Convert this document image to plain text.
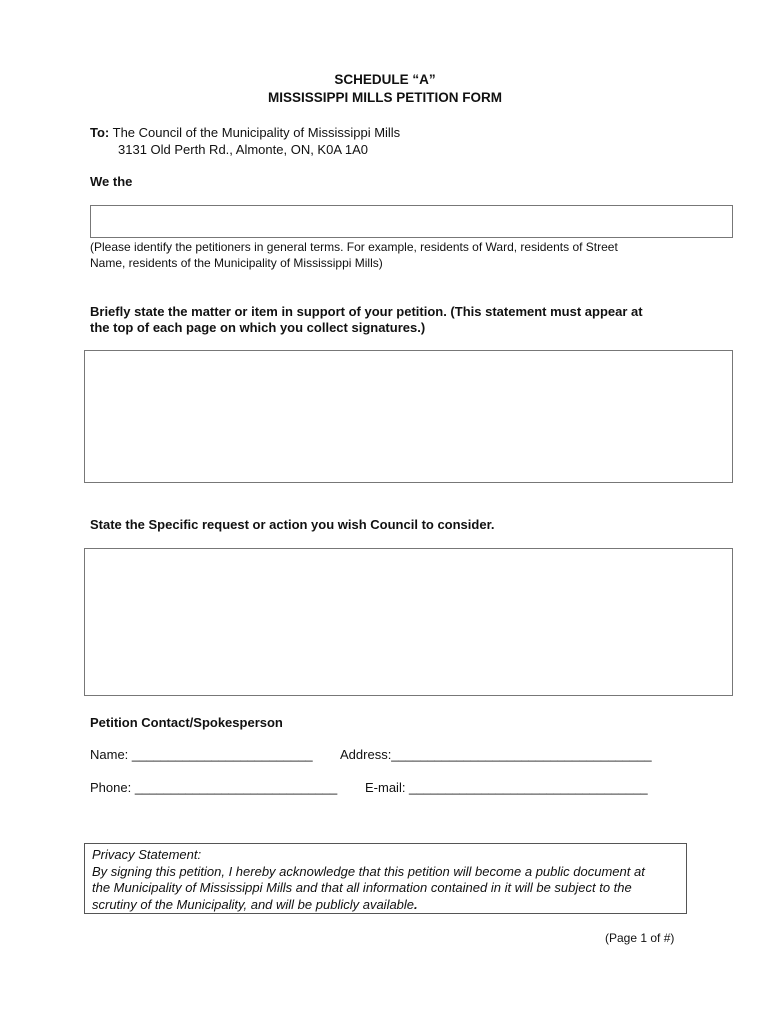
SCHEDULE “A”
MISSISSIPPI MILLS PETITION FORM
To: The Council of the Municipality of Mississippi Mills
3131 Old Perth Rd., Almonte, ON, K0A 1A0
We the
(Please identify the petitioners in general terms. For example, residents of Ward, residents of Street
Name, residents of the Municipality of Mississippi Mills)
Briefly state the matter or item in support of your petition. (This statement must appear at
the top of each page on which you collect signatures.)
State the Specific request or action you wish Council to consider.
Petition Contact/Spokesperson
Name: _________________________ Address:____________________________________
Phone: ____________________________ E-mail: _________________________________
Privacy Statement:
By signing this petition, I hereby acknowledge that this petition will become a public document at
the Municipality of Mississippi Mills and that all information contained in it will be subject to the
scrutiny of the Municipality, and will be publicly available.
(Page 1 of #)
